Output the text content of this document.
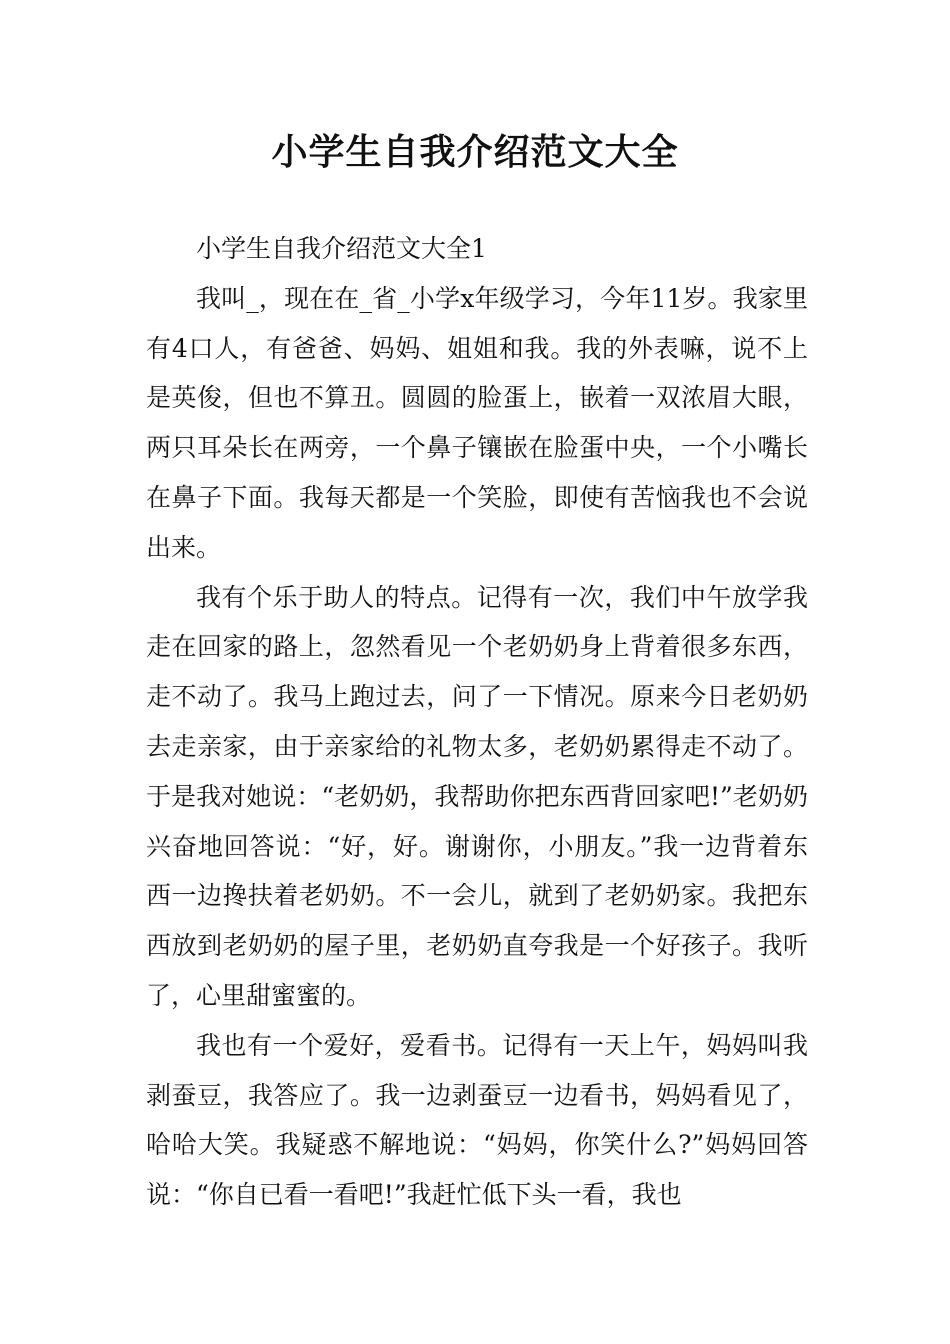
小学生自我介绍范文大全

小学生自我介绍范文大全1

我叫_，现在在_省_小学x年级学习，今年11岁。我家里有4口人，有爸爸、妈妈、姐姐和我。我的外表嘛，说不上是英俊，但也不算丑。圆圆的脸蛋上，嵌着一双浓眉大眼，两只耳朵长在两旁，一个鼻子镶嵌在脸蛋中央，一个小嘴长在鼻子下面。我每天都是一个笑脸，即使有苦恼我也不会说出来。

我有个乐于助人的特点。记得有一次，我们中午放学我走在回家的路上，忽然看见一个老奶奶身上背着很多东西，走不动了。我马上跑过去，问了一下情况。原来今日老奶奶去走亲家，由于亲家给的礼物太多，老奶奶累得走不动了。于是我对她说：“老奶奶，我帮助你把东西背回家吧!”老奶奶兴奋地回答说：“好，好。谢谢你，小朋友。”我一边背着东西一边搀扶着老奶奶。不一会儿，就到了老奶奶家。我把东西放到老奶奶的屋子里，老奶奶直夸我是一个好孩子。我听了，心里甜蜜蜜的。

我也有一个爱好，爱看书。记得有一天上午，妈妈叫我剥蚕豆，我答应了。我一边剥蚕豆一边看书，妈妈看见了，哈哈大笑。我疑惑不解地说：“妈妈，你笑什么?”妈妈回答说：“你自已看一看吧!”我赶忙低下头一看，我也
